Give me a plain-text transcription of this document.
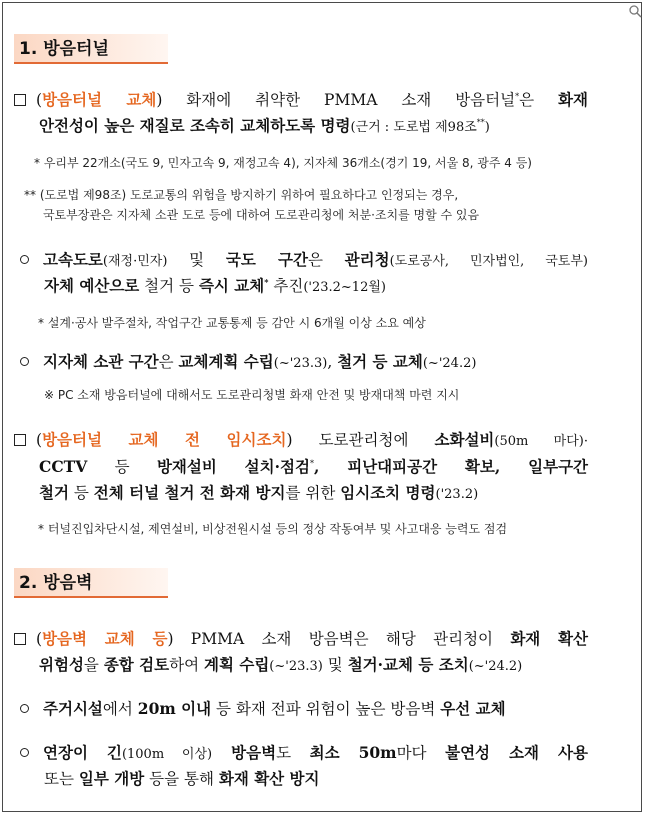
1. 방음터널
(방음터널 교체) 화재에 취약한 PMMA 소재 방음터널*은 화재
안전성이 높은 재질로 조속히 교체하도록 명령(근거 : 도로법 제98조**)
* 우리부 22개소(국도 9, 민자고속 9, 재정고속 4), 지자체 36개소(경기 19, 서울 8, 광주 4 등)
** (도로법 제98조) 도로교통의 위험을 방지하기 위하여 필요하다고 인정되는 경우,
국토부장관은 지자체 소관 도로 등에 대하여 도로관리청에 처분·조치를 명할 수 있음
고속도로(재정·민자) 및 국도 구간은 관리청(도로공사, 민자법인, 국토부)
자체 예산으로 철거 등 즉시 교체* 추진('23.2~12월)
* 설계·공사 발주절차, 작업구간 교통통제 등 감안 시 6개월 이상 소요 예상
지자체 소관 구간은 교체계획 수립(~'23.3), 철거 등 교체(~'24.2)
※ PC 소재 방음터널에 대해서도 도로관리청별 화재 안전 및 방재대책 마련 지시
(방음터널 교체 전 임시조치) 도로관리청에 소화설비(50m 마다)·
CCTV 등 방재설비 설치·점검*, 피난대피공간 확보, 일부구간
철거 등 전체 터널 철거 전 화재 방지를 위한 임시조치 명령('23.2)
* 터널진입차단시설, 제연설비, 비상전원시설 등의 정상 작동여부 및 사고대응 능력도 점검
2. 방음벽
(방음벽 교체 등) PMMA 소재 방음벽은 해당 관리청이 화재 확산
위험성을 종합 검토하여 계획 수립(~'23.3) 및 철거·교체 등 조치(~'24.2)
주거시설에서 20m 이내 등 화재 전파 위험이 높은 방음벽 우선 교체
연장이 긴(100m 이상) 방음벽도 최소 50m마다 불연성 소재 사용
또는 일부 개방 등을 통해 화재 확산 방지
